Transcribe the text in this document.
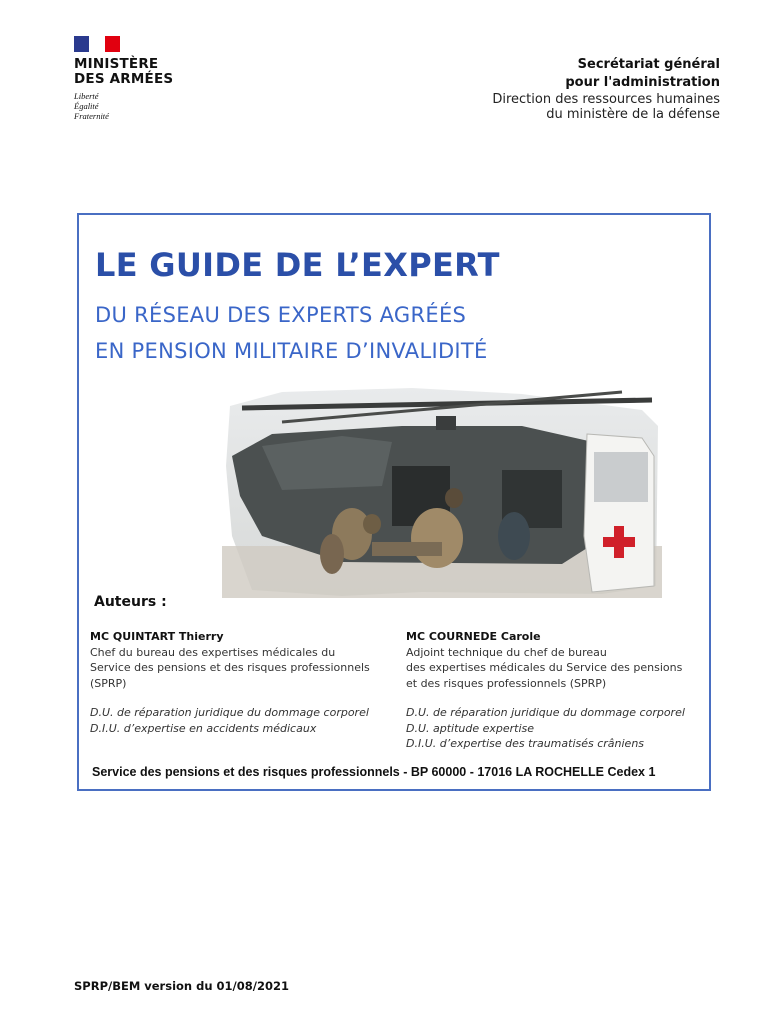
MINISTÈRE
DES ARMÉES
Liberté
Égalité
Fraternité
Secrétariat général
pour l'administration
Direction des ressources humaines
du ministère de la défense
LE GUIDE DE L’EXPERT
DU RÉSEAU DES EXPERTS AGRÉÉS
EN PENSION MILITAIRE D’INVALIDITÉ
Auteurs :
MC QUINTART Thierry
Chef du bureau des expertises médicales du
Service des pensions et des risques professionnels
(SPRP)
D.U. de réparation juridique du dommage corporel
D.I.U. d’expertise en accidents médicaux
MC COURNEDE Carole
Adjoint technique du chef de bureau
des expertises médicales du Service des pensions
et des risques professionnels (SPRP)
D.U. de réparation juridique du dommage corporel
D.U. aptitude expertise
D.I.U. d’expertise des traumatisés crâniens
Service des pensions et des risques professionnels - BP 60000 - 17016 LA ROCHELLE Cedex 1
SPRP/BEM version du 01/08/2021
